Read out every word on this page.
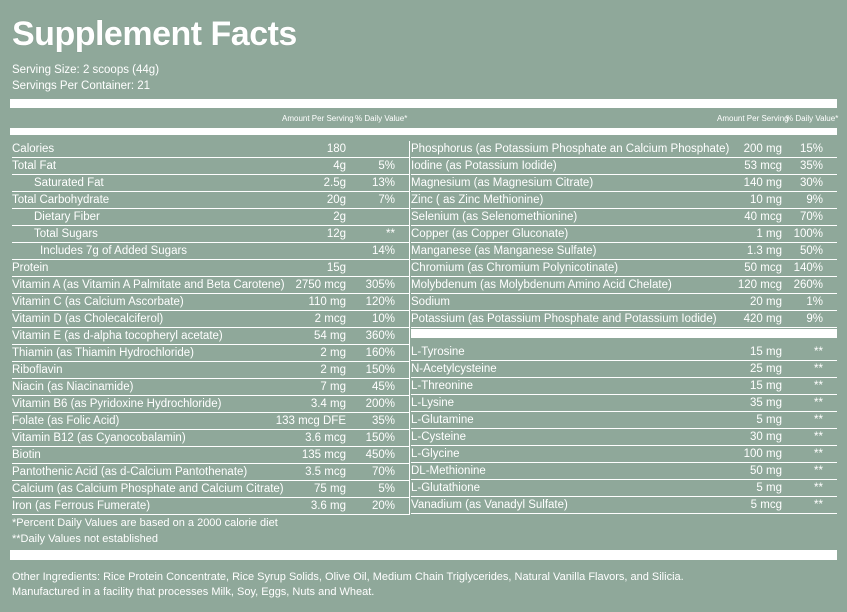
Supplement Facts
Serving Size: 2 scoops (44g)
Servings Per Container: 21
Amount Per Serving % Daily Value*	Amount Per Serving
% Daily Value*
Calories	180
Total Fat	4g	5%
Saturated Fat	2.5g 13%
Total Carbohydrate	20g	7%
Dietary Fiber	2g
Total Sugars	12g	**
Includes 7g of Added Sugars	14%
Protein	15g
Vitamin A (as Vitamin A Palmitate and Beta Carotene) 2750 mcg 305%
Vitamin C (as Calcium Ascorbate)	110 mg 120%
Vitamin D (as Cholecalciferol)	2 mcg 10%
Vitamin E (as d-alpha tocopheryl acetate)	54 mg 360%
Thiamin (as Thiamin Hydrochloride)	2 mg 160%
Riboflavin	2 mg 150%
Niacin (as Niacinamide)	7 mg 45%
Vitamin B6 (as Pyridoxine Hydrochloride)	3.4 mg 200%
Folate (as Folic Acid)	133 mcg DFE 35%
Vitamin B12 (as Cyanocobalamin)	3.6 mcg 150%
Biotin	135 mcg 450%
Pantothenic Acid (as d-Calcium Pantothenate)	3.5 mcg 70%
Calcium (as Calcium Phosphate and Calcium Citrate)	75 mg	5%
Iron (as Ferrous Fumerate)	3.6 mg 20%
Phosphorus (as Potassium Phosphate an Calcium Phosphate) 200 mg 15%
Iodine (as Potassium Iodide)	53 mcg 35%
Magnesium (as Magnesium Citrate)	140 mg 30%
Zinc ( as Zinc Methionine)	10 mg 9%
Selenium (as Selenomethionine)	40 mcg 70%
Copper (as Copper Gluconate)	1 mg 100%
Manganese (as Manganese Sulfate)	1.3 mg 50%
Chromium (as Chromium Polynicotinate)	50 mcg 140%
Molybdenum (as Molybdenum Amino Acid Chelate)	120 mcg 260%
Sodium	20 mg 1%
Potassium (as Potassium Phosphate and Potassium Iodide) 420 mg 9%
L-Tyrosine	15 mg	**
N-Acetylcysteine	25 mg	**
L-Threonine	15 mg	**
L-Lysine	35 mg	**
L-Glutamine	5 mg	**
L-Cysteine	30 mg	**
L-Glycine	100 mg	**
DL-Methionine	50 mg	**
L-Glutathione	5 mg	**
Vanadium (as Vanadyl Sulfate)	5 mcg	**
*Percent Daily Values are based on a 2000 calorie diet
**Daily Values not established
Other Ingredients: Rice Protein Concentrate, Rice Syrup Solids, Olive Oil, Medium Chain Triglycerides, Natural Vanilla Flavors, and Silicia.
Manufactured in a facility that processes Milk, Soy, Eggs, Nuts and Wheat.
